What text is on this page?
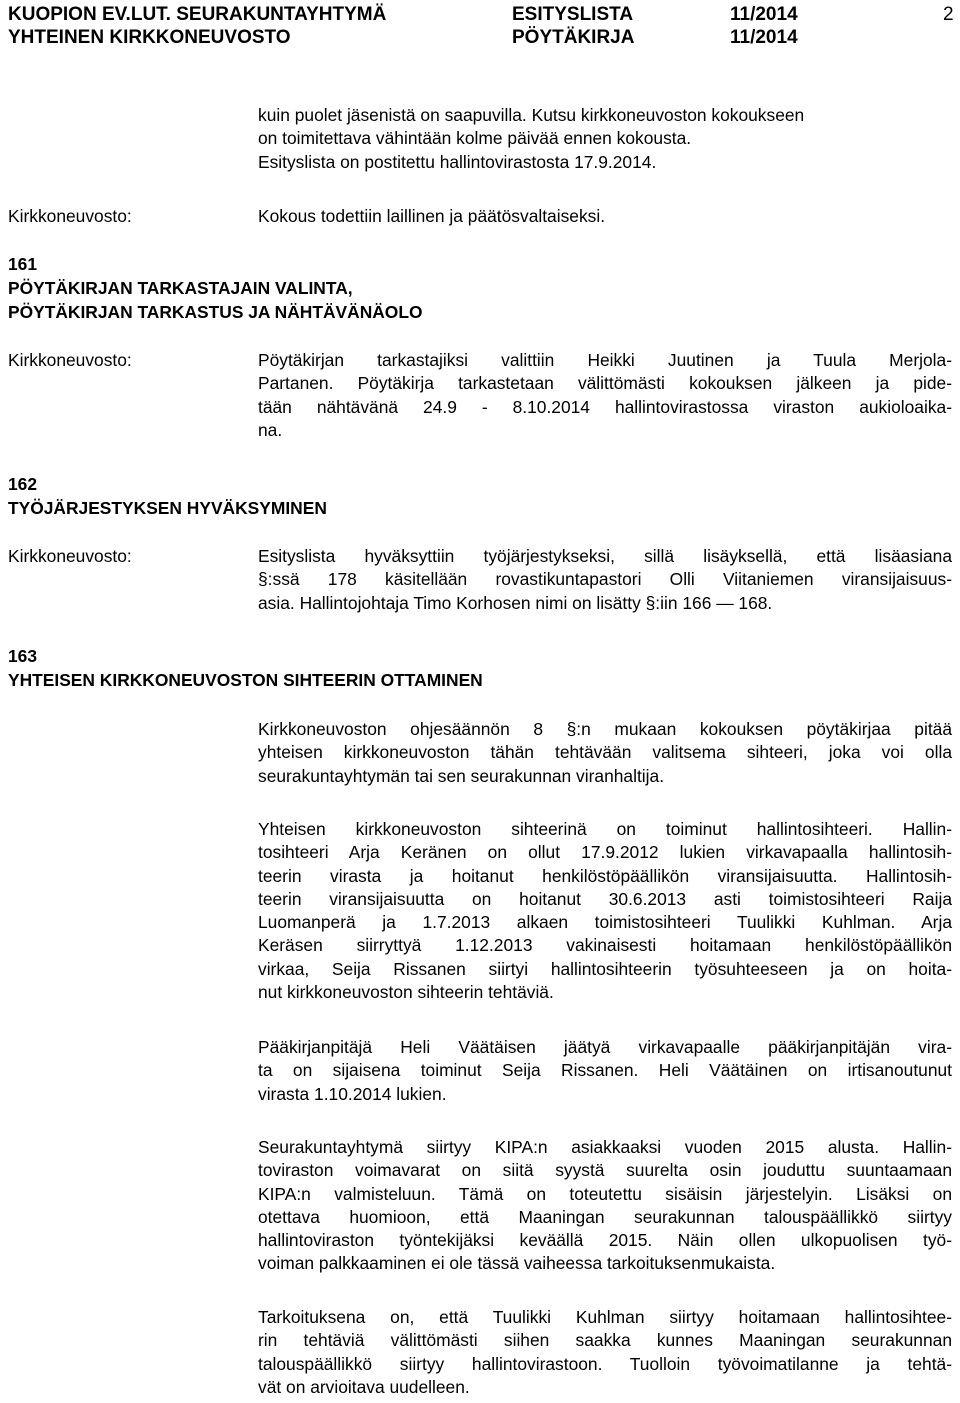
KUOPION EV.LUT. SEURAKUNTAYHTYMÄ	ESITYSLISTA	11/2014	2
YHTEINEN KIRKKONEUVOSTO	PÖYTÄKIRJA	11/2014
kuin puolet jäsenistä on saapuvilla. Kutsu kirkkoneuvoston kokoukseen
on toimitettava vähintään kolme päivää ennen kokousta.
Esityslista on postitettu hallintovirastosta 17.9.2014.
Kirkkoneuvosto:	Kokous todettiin laillinen ja päätösvaltaiseksi.
161
PÖYTÄKIRJAN TARKASTAJAIN VALINTA,
PÖYTÄKIRJAN TARKASTUS JA NÄHTÄVÄNÄOLO
Kirkkoneuvosto:	Pöytäkirjan tarkastajiksi valittiin Heikki Juutinen ja Tuula Merjola-
Partanen. Pöytäkirja tarkastetaan välittömästi kokouksen jälkeen ja pide-
tään nähtävänä 24.9 - 8.10.2014 hallintovirastossa viraston aukioloaika-
na.
162
TYÖJÄRJESTYKSEN HYVÄKSYMINEN
Kirkkoneuvosto:	Esityslista hyväksyttiin työjärjestykseksi, sillä lisäyksellä, että lisäasiana
§:ssä 178 käsitellään rovastikuntapastori Olli Viitaniemen viransijaisuus-
asia. Hallintojohtaja Timo Korhosen nimi on lisätty §:iin 166 — 168.
163
YHTEISEN KIRKKONEUVOSTON SIHTEERIN OTTAMINEN
Kirkkoneuvoston ohjesäännön 8 §:n mukaan kokouksen pöytäkirjaa pitää
yhteisen kirkkoneuvoston tähän tehtävään valitsema sihteeri, joka voi olla
seurakuntayhtymän tai sen seurakunnan viranhaltija.
Yhteisen kirkkoneuvoston sihteerinä on toiminut hallintosihteeri. Hallin-
tosihteeri Arja Keränen on ollut 17.9.2012 lukien virkavapaalla hallintosih-
teerin virasta ja hoitanut henkilöstöpäällikön viransijaisuutta. Hallintosih-
teerin viransijaisuutta on hoitanut 30.6.2013 asti toimistosihteeri Raija
Luomanperä ja 1.7.2013 alkaen toimistosihteeri Tuulikki Kuhlman. Arja
Keräsen siirryttyä 1.12.2013 vakinaisesti hoitamaan henkilöstöpäällikön
virkaa, Seija Rissanen siirtyi hallintosihteerin työsuhteeseen ja on hoita-
nut kirkkoneuvoston sihteerin tehtäviä.
Pääkirjanpitäjä Heli Väätäisen jäätyä virkavapaalle pääkirjanpitäjän vira-
ta on sijaisena toiminut Seija Rissanen. Heli Väätäinen on irtisanoutunut
virasta 1.10.2014 lukien.
Seurakuntayhtymä siirtyy KIPA:n asiakkaaksi vuoden 2015 alusta. Hallin-
toviraston voimavarat on siitä syystä suurelta osin jouduttu suuntaamaan
KIPA:n valmisteluun. Tämä on toteutettu sisäisin järjestelyin. Lisäksi on
otettava huomioon, että Maaningan seurakunnan talouspäällikkö siirtyy
hallintoviraston työntekijäksi keväällä 2015. Näin ollen ulkopuolisen työ-
voiman palkkaaminen ei ole tässä vaiheessa tarkoituksenmukaista.
Tarkoituksena on, että Tuulikki Kuhlman siirtyy hoitamaan hallintosihtee-
rin tehtäviä välittömästi siihen saakka kunnes Maaningan seurakunnan
talouspäällikkö siirtyy hallintovirastoon. Tuolloin työvoimatilanne ja tehtä-
vät on arvioitava uudelleen.
